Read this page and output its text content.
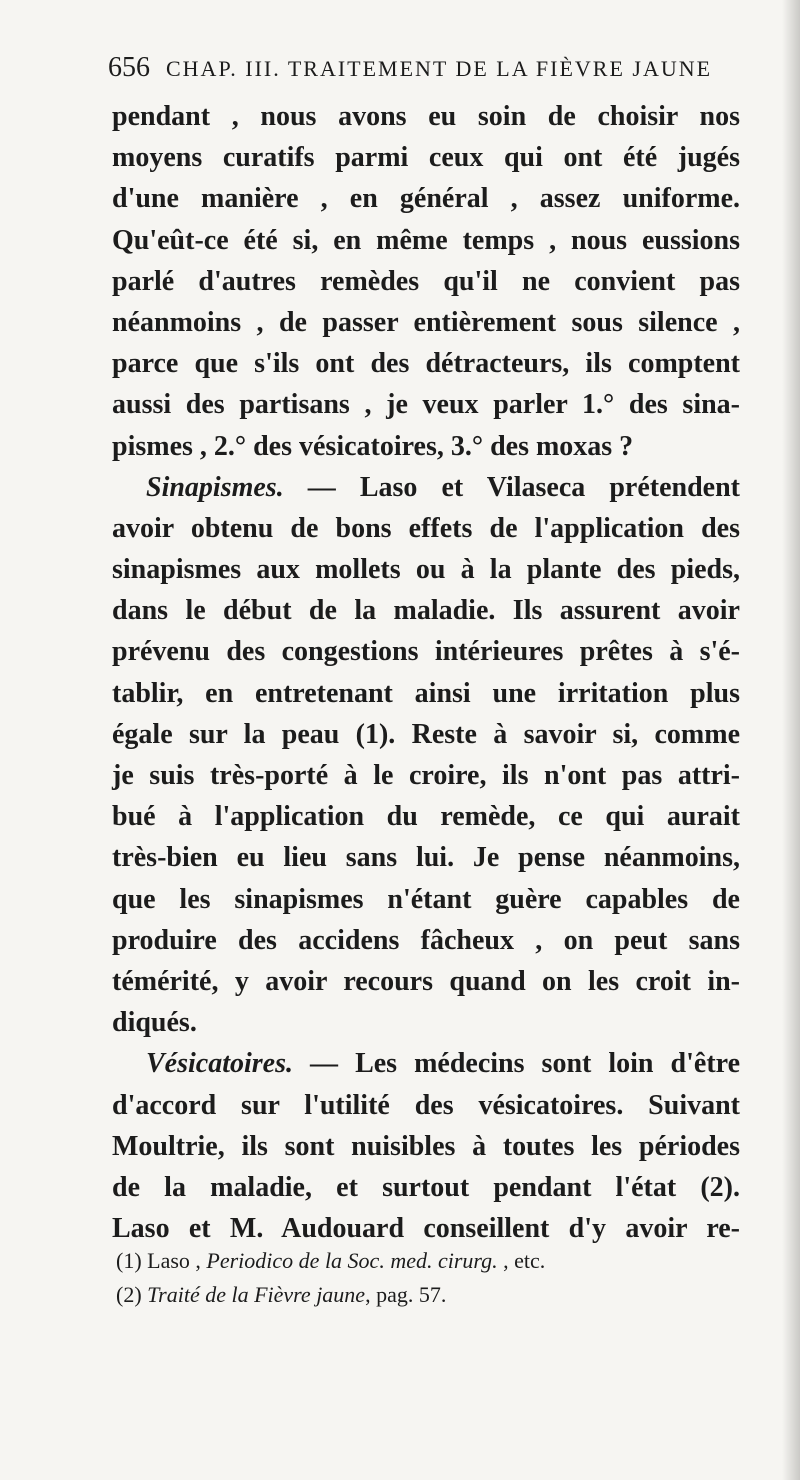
656 CHAP. III. TRAITEMENT DE LA FIÈVRE JAUNE
pendant , nous avons eu soin de choisir nos
moyens curatifs parmi ceux qui ont été jugés
d'une manière , en général , assez uniforme.
Qu'eût-ce été si, en même temps , nous eussions
parlé d'autres remèdes qu'il ne convient pas
néanmoins , de passer entièrement sous silence ,
parce que s'ils ont des détracteurs, ils comptent
aussi des partisans , je veux parler 1.° des sina-
pismes , 2.° des vésicatoires, 3.° des moxas ?
Sinapismes. — Laso et Vilaseca prétendent
avoir obtenu de bons effets de l'application des
sinapismes aux mollets ou à la plante des pieds,
dans le début de la maladie. Ils assurent avoir
prévenu des congestions intérieures prêtes à s'é-
tablir, en entretenant ainsi une irritation plus
égale sur la peau (1). Reste à savoir si, comme
je suis très-porté à le croire, ils n'ont pas attri-
bué à l'application du remède, ce qui aurait
très-bien eu lieu sans lui. Je pense néanmoins,
que les sinapismes n'étant guère capables de
produire des accidens fâcheux , on peut sans
témérité, y avoir recours quand on les croit in-
diqués.
Vésicatoires. — Les médecins sont loin d'être
d'accord sur l'utilité des vésicatoires. Suivant
Moultrie, ils sont nuisibles à toutes les périodes
de la maladie, et surtout pendant l'état (2).
Laso et M. Audouard conseillent d'y avoir re-
(1) Laso , Periodico de la Soc. med. cirurg. , etc.
(2) Traité de la Fièvre jaune, pag. 57.
